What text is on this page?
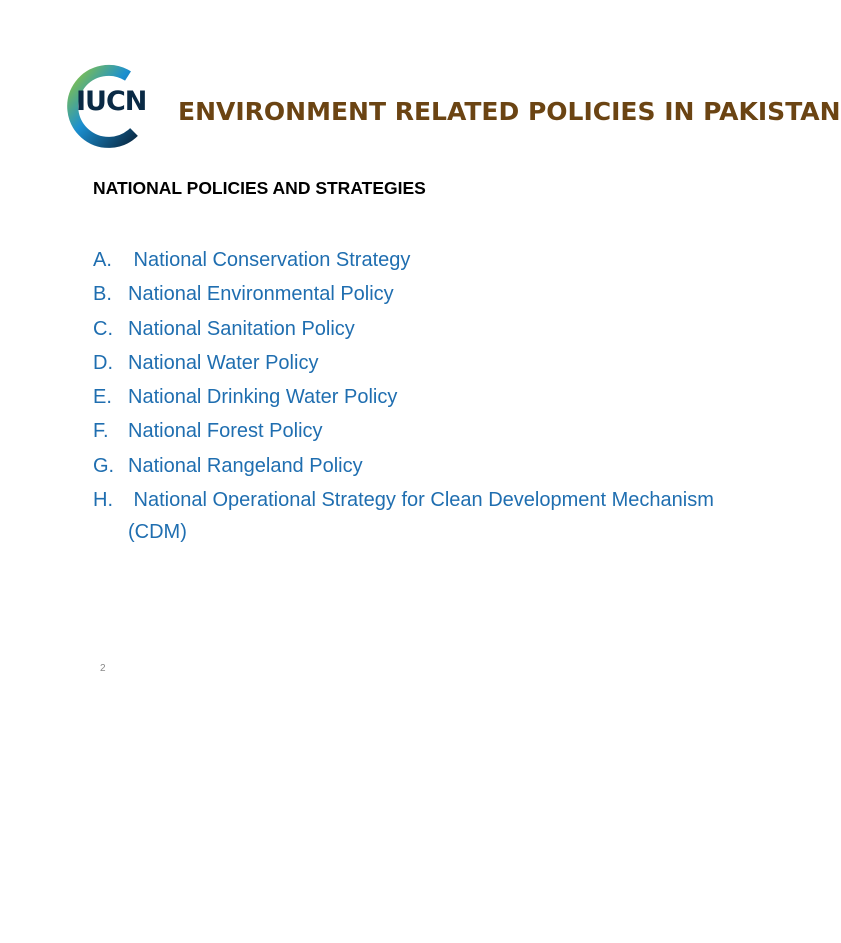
IUCN ENVIRONMENT RELATED POLICIES IN PAKISTAN
NATIONAL POLICIES AND STRATEGIES
A. National Conservation Strategy
B. National Environmental Policy
C. National Sanitation Policy
D. National Water Policy
E. National Drinking Water Policy
F. National Forest Policy
G. National Rangeland Policy
H. National Operational Strategy for Clean Development Mechanism
(CDM)
2
